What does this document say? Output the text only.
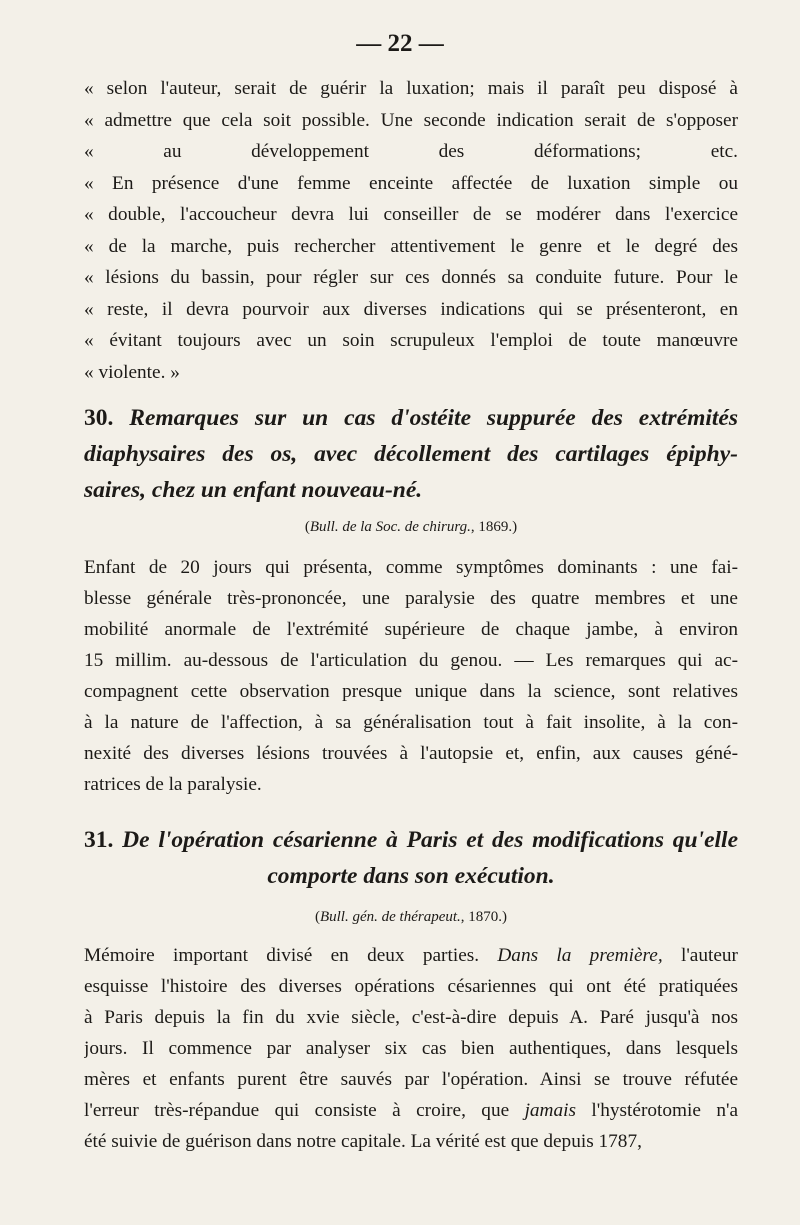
— 22 —
« selon l'auteur, serait de guérir la luxation; mais il paraît peu disposé à
« admettre que cela soit possible. Une seconde indication serait de s'opposer
« au développement des déformations; etc.
« En présence d'une femme enceinte affectée de luxation simple ou
« double, l'accoucheur devra lui conseiller de se modérer dans l'exercice
« de la marche, puis rechercher attentivement le genre et le degré des
« lésions du bassin, pour régler sur ces donnés sa conduite future. Pour le
« reste, il devra pourvoir aux diverses indications qui se présenteront, en
« évitant toujours avec un soin scrupuleux l'emploi de toute manœuvre
« violente. »
30. Remarques sur un cas d'ostéite suppurée des extrémités
diaphysaires des os, avec décollement des cartilages épiphy-
saires, chez un enfant nouveau-né.
(Bull. de la Soc. de chirurg., 1869.)
Enfant de 20 jours qui présenta, comme symptômes dominants : une fai-
blesse générale très-prononcée, une paralysie des quatre membres et une
mobilité anormale de l'extrémité supérieure de chaque jambe, à environ
15 millim. au-dessous de l'articulation du genou. — Les remarques qui ac-
compagnent cette observation presque unique dans la science, sont relatives
à la nature de l'affection, à sa généralisation tout à fait insolite, à la con-
nexité des diverses lésions trouvées à l'autopsie et, enfin, aux causes géné-
ratrices de la paralysie.
31. De l'opération césarienne à Paris et des modifications qu'elle
comporte dans son exécution.
(Bull. gén. de thérapeut., 1870.)
Mémoire important divisé en deux parties. Dans la première, l'auteur
esquisse l'histoire des diverses opérations césariennes qui ont été pratiquées
à Paris depuis la fin du xvie siècle, c'est-à-dire depuis A. Paré jusqu'à nos
jours. Il commence par analyser six cas bien authentiques, dans lesquels
mères et enfants purent être sauvés par l'opération. Ainsi se trouve réfutée
l'erreur très-répandue qui consiste à croire, que jamais l'hystérotomie n'a
été suivie de guérison dans notre capitale. La vérité est que depuis 1787,
